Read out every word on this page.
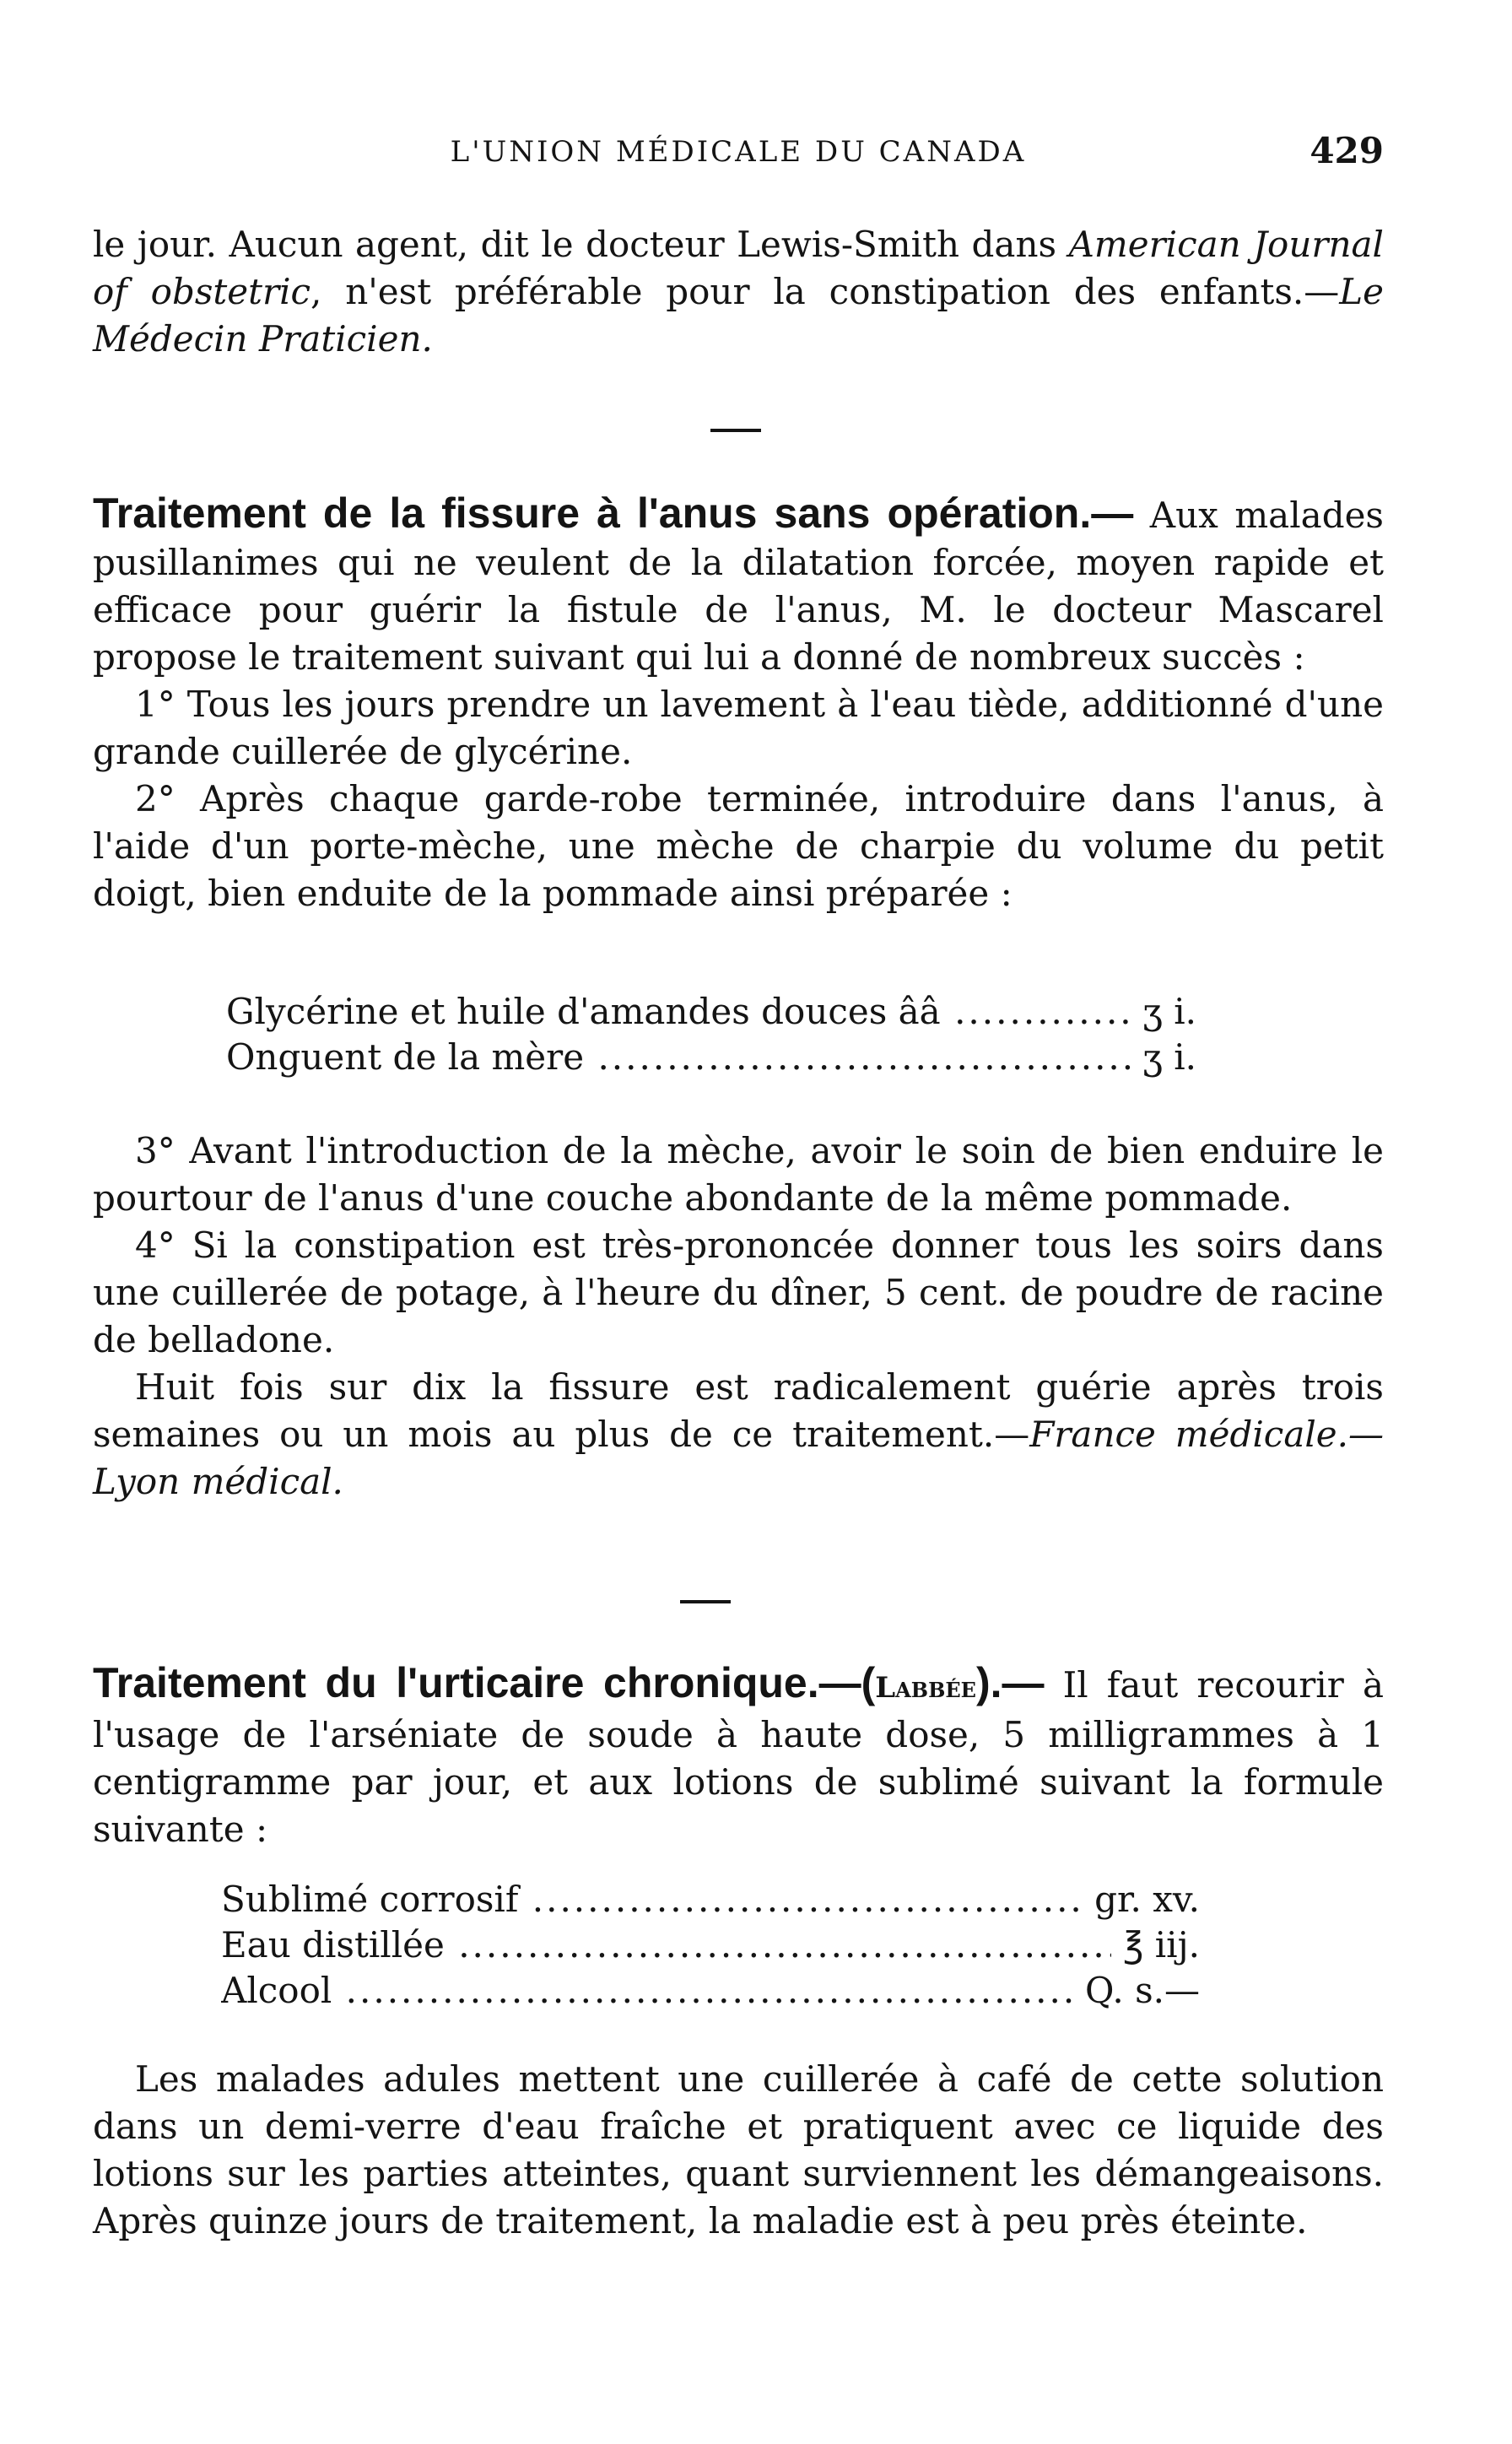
L'UNION MÉDICALE DU CANADA	429

le jour. Aucun agent, dit le docteur Lewis-Smith dans American Journal of obstetric, n'est préférable pour la constipation des enfants.—Le Médecin Praticien.

Traitement de la fissure à l'anus sans opération.— Aux malades pusillanimes qui ne veulent de la dilatation forcée, moyen rapide et efficace pour guérir la fistule de l'anus, M. le docteur Mascarel propose le traitement suivant qui lui a donné de nombreux succès :

1° Tous les jours prendre un lavement à l'eau tiède, additionné d'une grande cuillerée de glycérine.

2° Après chaque garde-robe terminée, introduire dans l'anus, à l'aide d'un porte-mèche, une mèche de charpie du volume du petit doigt, bien enduite de la pommade ainsi préparée :

Glycérine et huile d'amandes douces ââ .....	ʒ i.
Onguent de la mère .....	ʒ i.

3° Avant l'introduction de la mèche, avoir le soin de bien enduire le pourtour de l'anus d'une couche abondante de la même pommade.

4° Si la constipation est très-prononcée donner tous les soirs dans une cuillerée de potage, à l'heure du dîner, 5 cent. de poudre de racine de belladone.

Huit fois sur dix la fissure est radicalement guérie après trois semaines ou un mois au plus de ce traitement.—France médicale.—Lyon médical.

Traitement du l'urticaire chronique.—(Labbée).— Il faut recourir à l'usage de l'arséniate de soude à haute dose, 5 milligrammes à 1 centigramme par jour, et aux lotions de sublimé suivant la formule suivante :

Sublimé corrosif .....	gr. xv.
Eau distillée .....	℥ iij.
Alcool .....	Q. s.—

Les malades adules mettent une cuillerée à café de cette solution dans un demi-verre d'eau fraîche et pratiquent avec ce liquide des lotions sur les parties atteintes, quant surviennent les démangeaisons. Après quinze jours de traitement, la maladie est à peu près éteinte.
